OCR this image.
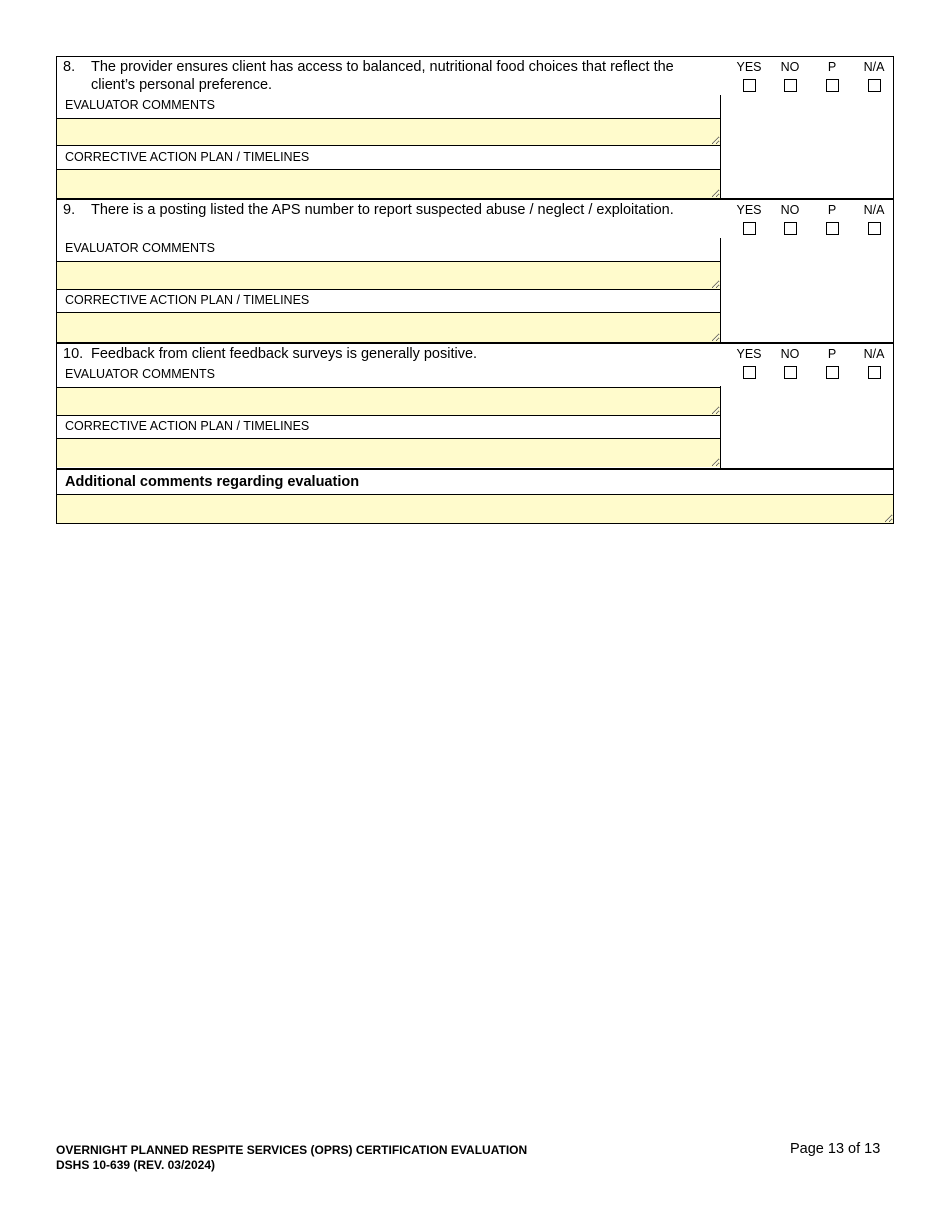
8. The provider ensures client has access to balanced, nutritional food choices that reflect the client’s personal preference.
EVALUATOR COMMENTS
CORRECTIVE ACTION PLAN / TIMELINES
YES	NO	P	N/A
9. There is a posting listed the APS number to report suspected abuse / neglect / exploitation.
EVALUATOR COMMENTS
CORRECTIVE ACTION PLAN / TIMELINES
YES	NO	P	N/A
10. Feedback from client feedback surveys is generally positive.
EVALUATOR COMMENTS
CORRECTIVE ACTION PLAN / TIMELINES
YES	NO	P	N/A
Additional comments regarding evaluation
OVERNIGHT PLANNED RESPITE SERVICES (OPRS) CERTIFICATION EVALUATION
DSHS 10-639 (REV. 03/2024)
Page 13 of 13
